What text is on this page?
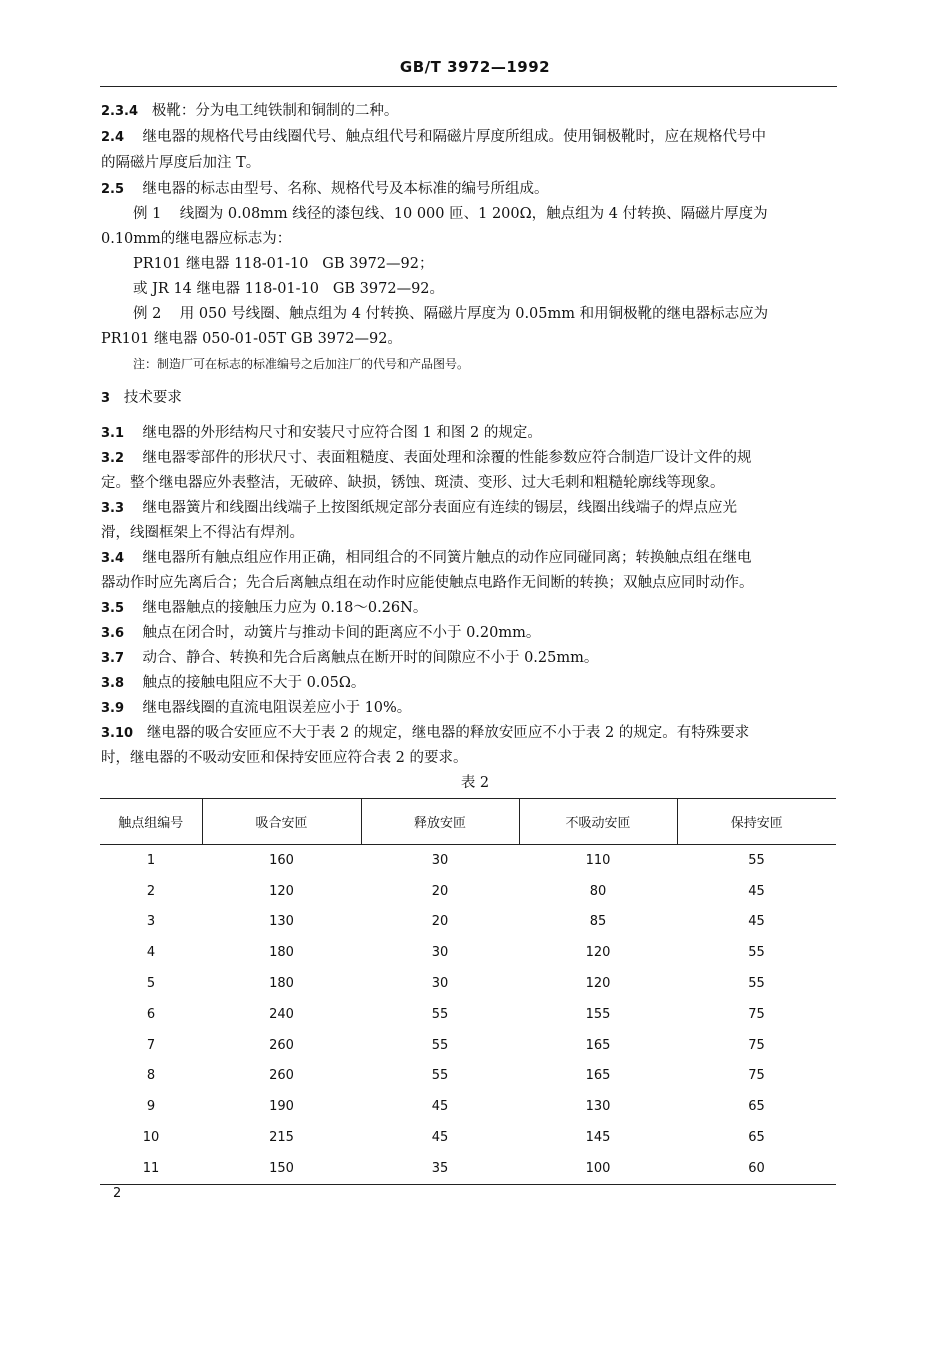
GB/T 3972—1992
2.3.4 极靴：分为电工纯铁制和铜制的二种。
2.4 继电器的规格代号由线圈代号、触点组代号和隔磁片厚度所组成。使用铜极靴时，应在规格代号中
的隔磁片厚度后加注 T。
2.5 继电器的标志由型号、名称、规格代号及本标准的编号所组成。
例 1    线圈为 0.08mm 线径的漆包线、10 000 匝、1 200Ω，触点组为 4 付转换、隔磁片厚度为
0.10mm的继电器应标志为：
PR101 继电器 118-01-10   GB 3972—92；
或 JR 14 继电器 118-01-10   GB 3972—92。
例 2    用 050 号线圈、触点组为 4 付转换、隔磁片厚度为 0.05mm 和用铜极靴的继电器标志应为
PR101 继电器 050-01-05T GB 3972—92。
注：制造厂可在标志的标准编号之后加注厂的代号和产品图号。
3 技术要求
3.1 继电器的外形结构尺寸和安装尺寸应符合图 1 和图 2 的规定。
3.2 继电器零部件的形状尺寸、表面粗糙度、表面处理和涂覆的性能参数应符合制造厂设计文件的规
定。整个继电器应外表整洁，无破碎、缺损，锈蚀、斑渍、变形、过大毛刺和粗糙轮廓线等现象。
3.3 继电器簧片和线圈出线端子上按图纸规定部分表面应有连续的锡层，线圈出线端子的焊点应光
滑，线圈框架上不得沾有焊剂。
3.4 继电器所有触点组应作用正确，相同组合的不同簧片触点的动作应同碰同离；转换触点组在继电
器动作时应先离后合；先合后离触点组在动作时应能使触点电路作无间断的转换；双触点应同时动作。
3.5 继电器触点的接触压力应为 0.18～0.26N。
3.6 触点在闭合时，动簧片与推动卡间的距离应不小于 0.20mm。
3.7 动合、静合、转换和先合后离触点在断开时的间隙应不小于 0.25mm。
3.8 触点的接触电阻应不大于 0.05Ω。
3.9 继电器线圈的直流电阻误差应小于 10%。
3.10 继电器的吸合安匝应不大于表 2 的规定，继电器的释放安匝应不小于表 2 的规定。有特殊要求
时，继电器的不吸动安匝和保持安匝应符合表 2 的要求。
表 2
触点组编号	吸合安匝	释放安匝	不吸动安匝	保持安匝
1	160	30	110	55
2	120	20	80	45
3	130	20	85	45
4	180	30	120	55
5	180	30	120	55
6	240	55	155	75
7	260	55	165	75
8	260	55	165	75
9	190	45	130	65
10	215	45	145	65
11	150	35	100	60
2
